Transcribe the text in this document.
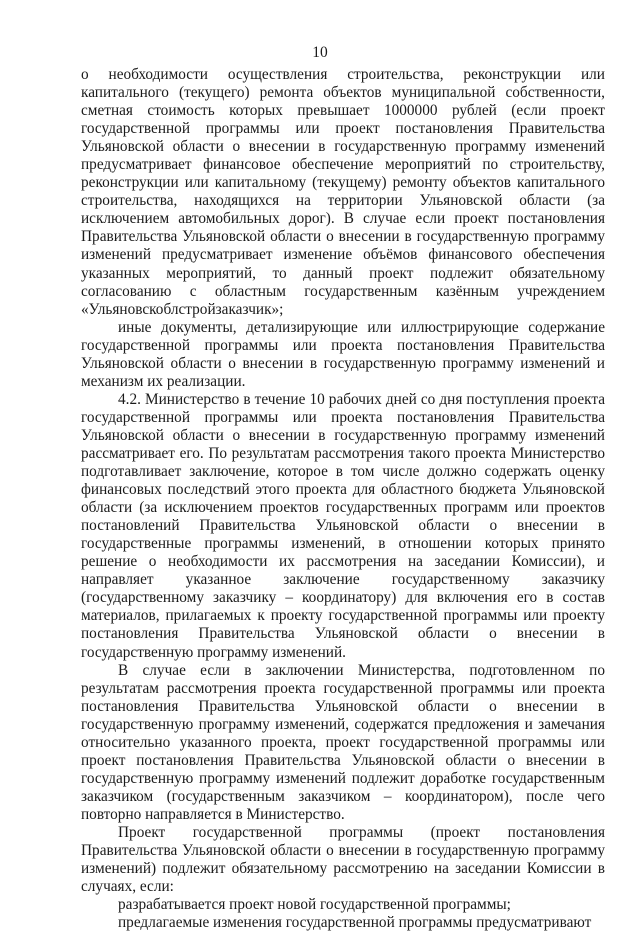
10

о необходимости осуществления строительства, реконструкции или капитального (текущего) ремонта объектов муниципальной собственности, сметная стоимость которых превышает 1000000 рублей (если проект государственной программы или проект постановления Правительства Ульяновской области о внесении в государственную программу изменений предусматривает финансовое обеспечение мероприятий по строительству, реконструкции или капитальному (текущему) ремонту объектов капитального строительства, находящихся на территории Ульяновской области (за исключением автомобильных дорог). В случае если проект постановления Правительства Ульяновской области о внесении в государственную программу изменений предусматривает изменение объёмов финансового обеспечения указанных мероприятий, то данный проект подлежит обязательному согласованию с областным государственным казённым учреждением «Ульяновскоблстройзаказчик»;

иные документы, детализирующие или иллюстрирующие содержание государственной программы или проекта постановления Правительства Ульяновской области о внесении в государственную программу изменений и механизм их реализации.

4.2. Министерство в течение 10 рабочих дней со дня поступления проекта государственной программы или проекта постановления Правительства Ульяновской области о внесении в государственную программу изменений рассматривает его. По результатам рассмотрения такого проекта Министерство подготавливает заключение, которое в том числе должно содержать оценку финансовых последствий этого проекта для областного бюджета Ульяновской области (за исключением проектов государственных программ или проектов постановлений Правительства Ульяновской области о внесении в государственные программы изменений, в отношении которых принято решение о необходимости их рассмотрения на заседании Комиссии), и направляет указанное заключение государственному заказчику (государственному заказчику – координатору) для включения его в состав материалов, прилагаемых к проекту государственной программы или проекту постановления Правительства Ульяновской области о внесении в государственную программу изменений.

В случае если в заключении Министерства, подготовленном по результатам рассмотрения проекта государственной программы или проекта постановления Правительства Ульяновской области о внесении в государственную программу изменений, содержатся предложения и замечания относительно указанного проекта, проект государственной программы или проект постановления Правительства Ульяновской области о внесении в государственную программу изменений подлежит доработке государственным заказчиком (государственным заказчиком – координатором), после чего повторно направляется в Министерство.

Проект государственной программы (проект постановления Правительства Ульяновской области о внесении в государственную программу изменений) подлежит обязательному рассмотрению на заседании Комиссии в случаях, если:

разрабатывается проект новой государственной программы;

предлагаемые изменения государственной программы предусматривают
